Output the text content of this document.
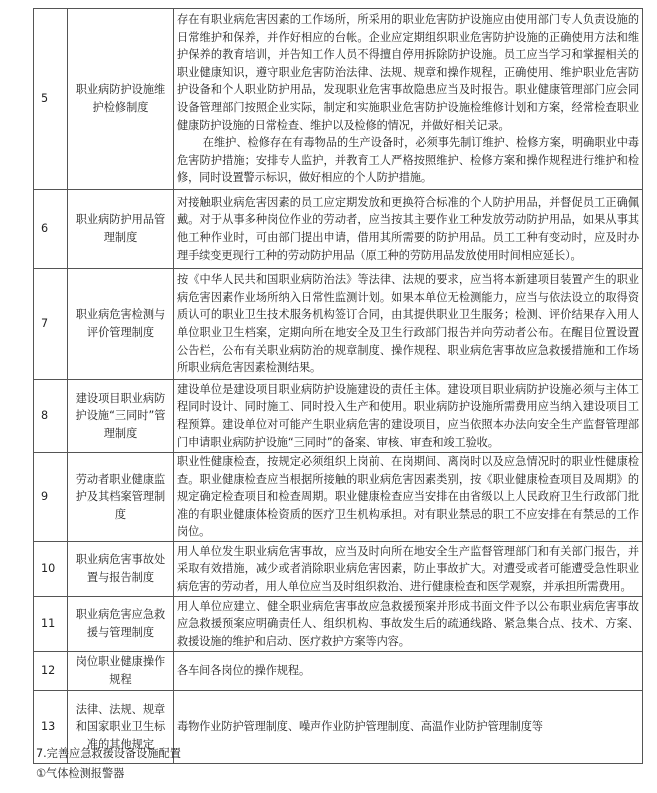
5	职业病防护设施维护检修制度	存在有职业病危害因素的工作场所，所采用的职业危害防护设施应由使用部门专人负责设施的日常维护和保养，并作好相应的台帐。企业应定期组织职业危害防护设施的正确使用方法和维护保养的教育培训，并告知工作人员不得擅自停用拆除防护设施。员工应当学习和掌握相关的职业健康知识，遵守职业危害防治法律、法规、规章和操作规程，正确使用、维护职业危害防护设备和个人职业防护用品，发现职业危害事故隐患应当及时报告。职业健康管理部门应会同设备管理部门按照企业实际，制定和实施职业危害防护设施检维修计划和方案，经常检查职业健康防护设施的日常检查、维护以及检修的情况，并做好相关记录。

在维护、检修存在有毒物品的生产设备时，必须事先制订维护、检修方案，明确职业中毒危害防护措施；安排专人监护，并教育工人严格按照维护、检修方案和操作规程进行维护和检修，同时设置警示标识，做好相应的个人防护措施。

6	职业病防护用品管理制度	对接触职业病危害因素的员工应定期发放和更换符合标准的个人防护用品，并督促员工正确佩戴。对于从事多种岗位作业的劳动者，应当按其主要作业工种发放劳动防护用品，如果从事其他工种作业时，可由部门提出申请，借用其所需要的防护用品。员工工种有变动时，应及时办理手续变更现行工种的劳动防护用品（原工种的劳防用品发放使用时间相应延长）。

7	职业病危害检测与评价管理制度	按《中华人民共和国职业病防治法》等法律、法规的要求，应当将本新建项目装置产生的职业病危害因素作业场所纳入日常性监测计划。如果本单位无检测能力，应当与依法设立的取得资质认可的职业卫生技术服务机构签订合同，由其提供职业卫生服务；检测、评价结果存入用人单位职业卫生档案，定期向所在地安全及卫生行政部门报告并向劳动者公布。在醒目位置设置公告栏，公布有关职业病防治的规章制度、操作规程、职业病危害事故应急救援措施和工作场所职业病危害因素检测结果。

8	建设项目职业病防护设施“三同时”管理制度	建设单位是建设项目职业病防护设施建设的责任主体。建设项目职业病防护设施必须与主体工程同时设计、同时施工、同时投入生产和使用。职业病防护设施所需费用应当纳入建设项目工程预算。建设单位对可能产生职业病危害的建设项目，应当依照本办法向安全生产监督管理部门申请职业病防护设施“三同时”的备案、审核、审查和竣工验收。

9	劳动者职业健康监护及其档案管理制度	职业性健康检查，按规定必须组织上岗前、在岗期间、离岗时以及应急情况时的职业性健康检查。职业健康检查应当根据所接触的职业病危害因素类别，按《职业健康检查项目及周期》的规定确定检查项目和检查周期。职业健康检查应当安排在由省级以上人民政府卫生行政部门批准的有职业健康体检资质的医疗卫生机构承担。对有职业禁忌的职工不应安排在有禁忌的工作岗位。

10	职业病危害事故处置与报告制度	用人单位发生职业病危害事故，应当及时向所在地安全生产监督管理部门和有关部门报告，并采取有效措施，减少或者消除职业病危害因素，防止事故扩大。对遭受或者可能遭受急性职业病危害的劳动者，用人单位应当及时组织救治、进行健康检查和医学观察，并承担所需费用。

11	职业病危害应急救援与管理制度	用人单位应建立、健全职业病危害事故应急救援预案并形成书面文件予以公布职业病危害事故应急救援预案应明确责任人、组织机构、事故发生后的疏通线路、紧急集合点、技术、方案、救援设施的维护和启动、医疗救护方案等内容。

12	岗位职业健康操作规程	各车间各岗位的操作规程。

13	法律、法规、规章和国家职业卫生标准的其他规定	毒物作业防护管理制度、噪声作业防护管理制度、高温作业防护管理制度等

7.完善应急救援设备设施配置
①气体检测报警器
